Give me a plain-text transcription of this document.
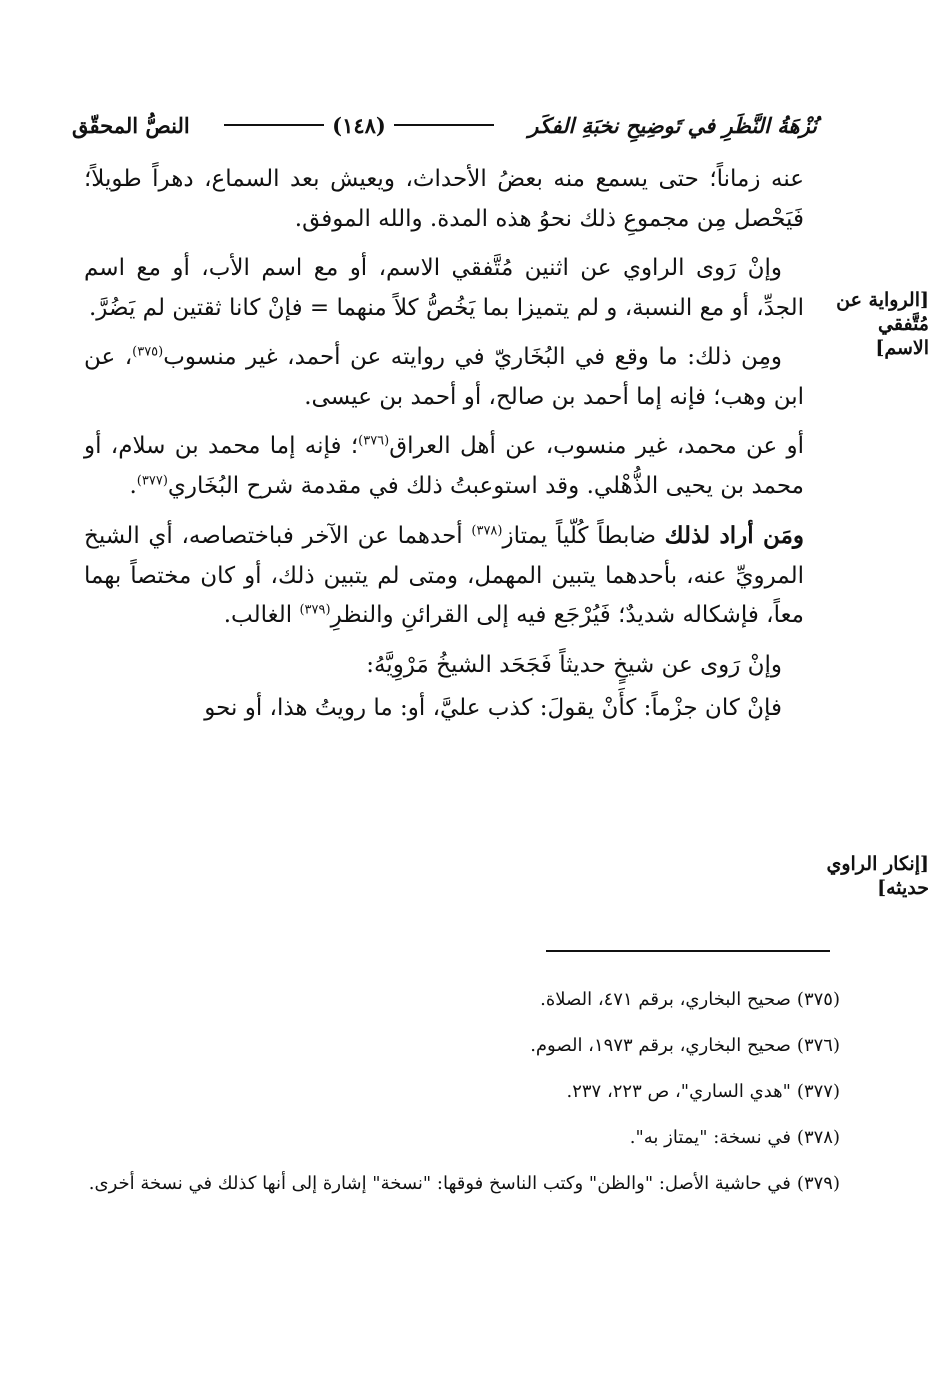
نُزْهَةُ النَّظَرِ في تَوضِيحِ نخبَةِ الفكَر
(١٤٨)
النصُّ المحقّق
[الرواية عن مُتَّفقي الاسم]
[إنكار الراوي حديثه]

عنه زماناً؛ حتى يسمع منه بعضُ الأحداث، ويعيش بعد السماع، دهراً طويلاً؛ فَيَحْصل مِن مجموعِ ذلك نحوُ هذه المدة. والله الموفق.

وإنْ رَوى الراوي عن اثنين مُتَّفقي الاسم، أو مع اسم الأب، أو مع اسم الجدِّ، أو مع النسبة، و لم يتميزا بما يَخُصُّ كلاً منهما = فإنْ كانا ثقتين لم يَضُرَّ.

ومِن ذلك: ما وقع في البُخَاريّ في روايته عن أحمد، غير منسوب$^{(٣٧٥)}$، عن ابن وهب؛ فإنه إما أحمد بن صالح، أو أحمد بن عيسى.

أو عن محمد، غير منسوب، عن أهل العراق$^{(٣٧٦)}$؛ فإنه إما محمد بن سلام، أو محمد بن يحيى الذُّهْلي. وقد استوعبتُ ذلك في مقدمة شرح البُخَاري$^{(٣٧٧)}$.

ومَن أراد لذلك ضابطاً كُلّياً يمتاز$^{(٣٧٨)}$ أحدهما عن الآخر فباختصاصه، أي الشيخ المرويِّ عنه، بأحدهما يتبين المهمل، ومتى لم يتبين ذلك، أو كان مختصاً بهما معاً، فإشكاله شديدٌ؛ فَيُرْجَع فيه إلى القرائنِ والنظرِ$^{(٣٧٩)}$ الغالب.

وإنْ رَوى عن شيخٍ حديثاً فَجَحَد الشيخُ مَرْوِيَّهُ:

فإنْ كان جزْماً: كأَنْ يقولَ: كذب عليَّ، أو: ما رويتُ هذا، أو نحو

(٣٧٥)صحيح البخاري، برقم ٤٧١، الصلاة.

(٣٧٦)صحيح البخاري، برقم ١٩٧٣، الصوم.

(٣٧٧)"هدي الساري"، ص ٢٢٣، ٢٣٧.

(٣٧٨)في نسخة: "يمتاز به".

(٣٧٩)في حاشية الأصل: "والظن" وكتب الناسخ فوقها: "نسخة" إشارة إلى أنها كذلك في نسخة أخرى.
